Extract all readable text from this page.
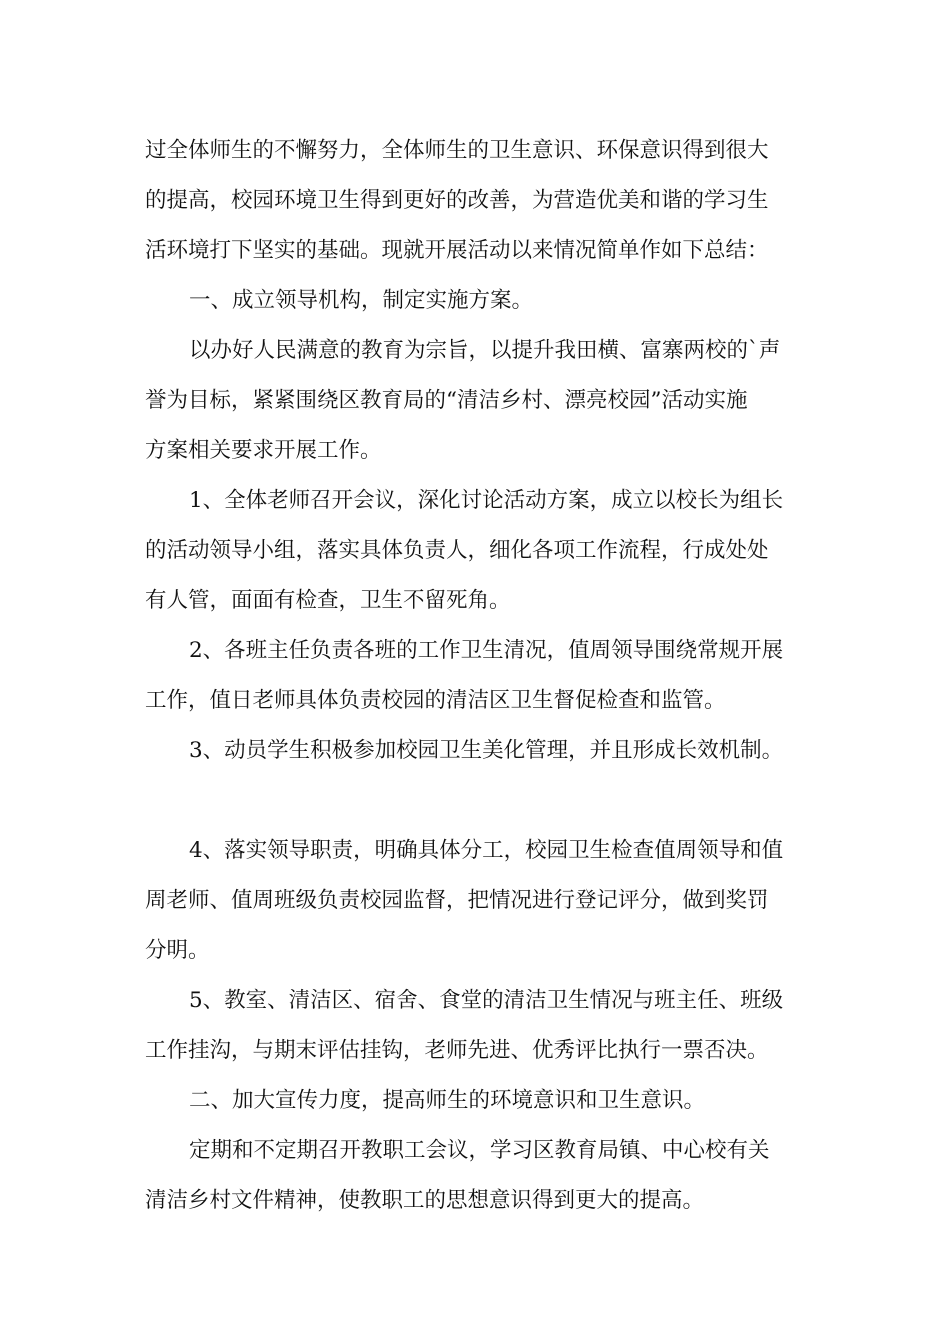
过全体师生的不懈努力，全体师生的卫生意识、环保意识得到很大
的提高，校园环境卫生得到更好的改善，为营造优美和谐的学习生
活环境打下坚实的基础。现就开展活动以来情况简单作如下总结：
一、成立领导机构，制定实施方案。
以办好人民满意的教育为宗旨，以提升我田横、富寨两校的`声
誉为目标，紧紧围绕区教育局的“清洁乡村、漂亮校园”活动实施
方案相关要求开展工作。
1、全体老师召开会议，深化讨论活动方案，成立以校长为组长
的活动领导小组，落实具体负责人，细化各项工作流程，行成处处
有人管，面面有检查，卫生不留死角。
2、各班主任负责各班的工作卫生清况，值周领导围绕常规开展
工作，值日老师具体负责校园的清洁区卫生督促检查和监管。
3、动员学生积极参加校园卫生美化管理，并且形成长效机制。
4、落实领导职责，明确具体分工，校园卫生检查值周领导和值
周老师、值周班级负责校园监督，把情况进行登记评分，做到奖罚
分明。
5、教室、清洁区、宿舍、食堂的清洁卫生情况与班主任、班级
工作挂沟，与期末评估挂钩，老师先进、优秀评比执行一票否决。
二、加大宣传力度，提高师生的环境意识和卫生意识。
定期和不定期召开教职工会议，学习区教育局镇、中心校有关
清洁乡村文件精神，使教职工的思想意识得到更大的提高。
